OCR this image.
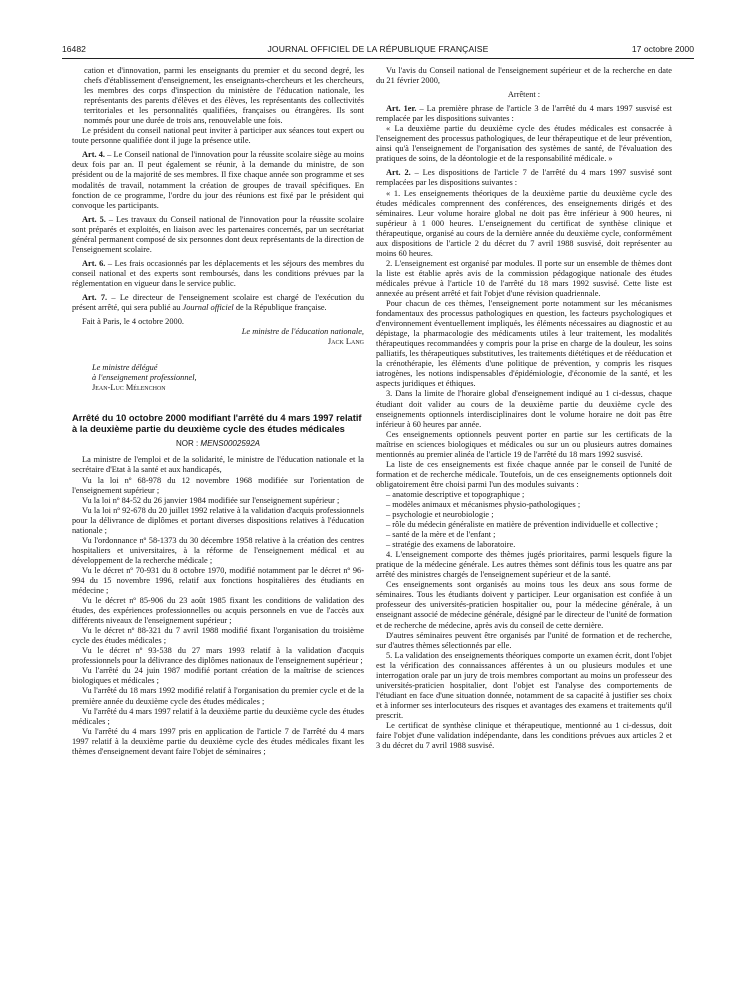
16482	JOURNAL OFFICIEL DE LA RÉPUBLIQUE FRANÇAISE	17 octobre 2000

cation et d'innovation, parmi les enseignants du premier et du second degré, les chefs d'établissement d'enseignement, les enseignants-chercheurs et les chercheurs, les membres des corps d'inspection du ministère de l'éducation nationale, les représentants des parents d'élèves et des élèves, les représentants des collectivités territoriales et les personnalités qualifiées, françaises ou étrangères. Ils sont nommés pour une durée de trois ans, renouvelable une fois.

Le président du conseil national peut inviter à participer aux séances tout expert ou toute personne qualifiée dont il juge la présence utile.

Art. 4. – Le Conseil national de l'innovation pour la réussite scolaire siège au moins deux fois par an. Il peut également se réunir, à la demande du ministre, de son président ou de la majorité de ses membres. Il fixe chaque année son programme et ses modalités de travail, notamment la création de groupes de travail spécifiques. En fonction de ce programme, l'ordre du jour des réunions est fixé par le président qui convoque les participants.

Art. 5. – Les travaux du Conseil national de l'innovation pour la réussite scolaire sont préparés et exploités, en liaison avec les partenaires concernés, par un secrétariat général permanent composé de six personnes dont deux représentants de la direction de l'enseignement scolaire.

Art. 6. – Les frais occasionnés par les déplacements et les séjours des membres du conseil national et des experts sont remboursés, dans les conditions prévues par la réglementation en vigueur dans le service public.

Art. 7. – Le directeur de l'enseignement scolaire est chargé de l'exécution du présent arrêté, qui sera publié au Journal officiel de la République française.

Fait à Paris, le 4 octobre 2000.

Le ministre de l'éducation nationale,

Jack Lang

Le ministre délégué

à l'enseignement professionnel,

Jean-Luc Mélenchon

Arrêté du 10 octobre 2000 modifiant l'arrêté du 4 mars 1997 relatif à la deuxième partie du deuxième cycle des études médicales

NOR : MENS0002592A

La ministre de l'emploi et de la solidarité, le ministre de l'éducation nationale et la secrétaire d'Etat à la santé et aux handicapés,

Vu la loi nº 68-978 du 12 novembre 1968 modifiée sur l'orientation de l'enseignement supérieur ;

Vu la loi nº 84-52 du 26 janvier 1984 modifiée sur l'enseignement supérieur ;

Vu la loi nº 92-678 du 20 juillet 1992 relative à la validation d'acquis professionnels pour la délivrance de diplômes et portant diverses dispositions relatives à l'éducation nationale ;

Vu l'ordonnance nº 58-1373 du 30 décembre 1958 relative à la création des centres hospitaliers et universitaires, à la réforme de l'enseignement médical et au développement de la recherche médicale ;

Vu le décret nº 70-931 du 8 octobre 1970, modifié notamment par le décret nº 96-994 du 15 novembre 1996, relatif aux fonctions hospitalières des étudiants en médecine ;

Vu le décret nº 85-906 du 23 août 1985 fixant les conditions de validation des études, des expériences professionnelles ou acquis personnels en vue de l'accès aux différents niveaux de l'enseignement supérieur ;

Vu le décret nº 88-321 du 7 avril 1988 modifié fixant l'organisation du troisième cycle des études médicales ;

Vu le décret nº 93-538 du 27 mars 1993 relatif à la validation d'acquis professionnels pour la délivrance des diplômes nationaux de l'enseignement supérieur ;

Vu l'arrêté du 24 juin 1987 modifié portant création de la maîtrise de sciences biologiques et médicales ;

Vu l'arrêté du 18 mars 1992 modifié relatif à l'organisation du premier cycle et de la première année du deuxième cycle des études médicales ;

Vu l'arrêté du 4 mars 1997 relatif à la deuxième partie du deuxième cycle des études médicales ;

Vu l'arrêté du 4 mars 1997 pris en application de l'article 7 de l'arrêté du 4 mars 1997 relatif à la deuxième partie du deuxième cycle des études médicales fixant les thèmes d'enseignement devant faire l'objet de séminaires ;

Vu l'avis du Conseil national de l'enseignement supérieur et de la recherche en date du 21 février 2000,

Arrêtent :

Art. 1er. – La première phrase de l'article 3 de l'arrêté du 4 mars 1997 susvisé est remplacée par les dispositions suivantes :

« La deuxième partie du deuxième cycle des études médicales est consacrée à l'enseignement des processus pathologiques, de leur thérapeutique et de leur prévention, ainsi qu'à l'enseignement de l'organisation des systèmes de santé, de l'évaluation des pratiques de soins, de la déontologie et de la responsabilité médicale. »

Art. 2. – Les dispositions de l'article 7 de l'arrêté du 4 mars 1997 susvisé sont remplacées par les dispositions suivantes :

« 1. Les enseignements théoriques de la deuxième partie du deuxième cycle des études médicales comprennent des conférences, des enseignements dirigés et des séminaires. Leur volume horaire global ne doit pas être inférieur à 900 heures, ni supérieur à 1 000 heures. L'enseignement du certificat de synthèse clinique et thérapeutique, organisé au cours de la dernière année du deuxième cycle, conformément aux dispositions de l'article 2 du décret du 7 avril 1988 susvisé, doit représenter au moins 60 heures.

2. L'enseignement est organisé par modules. Il porte sur un ensemble de thèmes dont la liste est établie après avis de la commission pédagogique nationale des études médicales prévue à l'article 10 de l'arrêté du 18 mars 1992 susvisé. Cette liste est annexée au présent arrêté et fait l'objet d'une révision quadriennale.

Pour chacun de ces thèmes, l'enseignement porte notamment sur les mécanismes fondamentaux des processus pathologiques en question, les facteurs psychologiques et d'environnement éventuellement impliqués, les éléments nécessaires au diagnostic et au dépistage, la pharmacologie des médicaments utiles à leur traitement, les modalités thérapeutiques recommandées y compris pour la prise en charge de la douleur, les soins palliatifs, les thérapeutiques substitutives, les traitements diététiques et de rééducation et la crénothérapie, les éléments d'une politique de prévention, y compris les risques iatrogènes, les notions indispensables d'épidémiologie, d'économie de la santé, et les aspects juridiques et éthiques.

3. Dans la limite de l'horaire global d'enseignement indiqué au 1 ci-dessus, chaque étudiant doit valider au cours de la deuxième partie du deuxième cycle des enseignements optionnels interdisciplinaires dont le volume horaire ne doit pas être inférieur à 60 heures par année.

Ces enseignements optionnels peuvent porter en partie sur les certificats de la maîtrise en sciences biologiques et médicales ou sur un ou plusieurs autres domaines mentionnés au premier alinéa de l'article 19 de l'arrêté du 18 mars 1992 susvisé.

La liste de ces enseignements est fixée chaque année par le conseil de l'unité de formation et de recherche médicale. Toutefois, un de ces enseignements optionnels doit obligatoirement être choisi parmi l'un des modules suivants :

– anatomie descriptive et topographique ;
– modèles animaux et mécanismes physio-pathologiques ;
– psychologie et neurobiologie ;
– rôle du médecin généraliste en matière de prévention individuelle et collective ;
– santé de la mère et de l'enfant ;
– stratégie des examens de laboratoire.

4. L'enseignement comporte des thèmes jugés prioritaires, parmi lesquels figure la pratique de la médecine générale. Les autres thèmes sont définis tous les quatre ans par arrêté des ministres chargés de l'enseignement supérieur et de la santé.

Ces enseignements sont organisés au moins tous les deux ans sous forme de séminaires. Tous les étudiants doivent y participer. Leur organisation est confiée à un professeur des universités-praticien hospitalier ou, pour la médecine générale, à un enseignant associé de médecine générale, désigné par le directeur de l'unité de formation et de recherche de médecine, après avis du conseil de cette dernière.

D'autres séminaires peuvent être organisés par l'unité de formation et de recherche, sur d'autres thèmes sélectionnés par elle.

5. La validation des enseignements théoriques comporte un examen écrit, dont l'objet est la vérification des connaissances afférentes à un ou plusieurs modules et une interrogation orale par un jury de trois membres comportant au moins un professeur des universités-praticien hospitalier, dont l'objet est l'analyse des comportements de l'étudiant en face d'une situation donnée, notamment de sa capacité à justifier ses choix et à informer ses interlocuteurs des risques et avantages des examens et traitements qu'il prescrit.

Le certificat de synthèse clinique et thérapeutique, mentionné au 1 ci-dessus, doit faire l'objet d'une validation indépendante, dans les conditions prévues aux articles 2 et 3 du décret du 7 avril 1988 susvisé.
